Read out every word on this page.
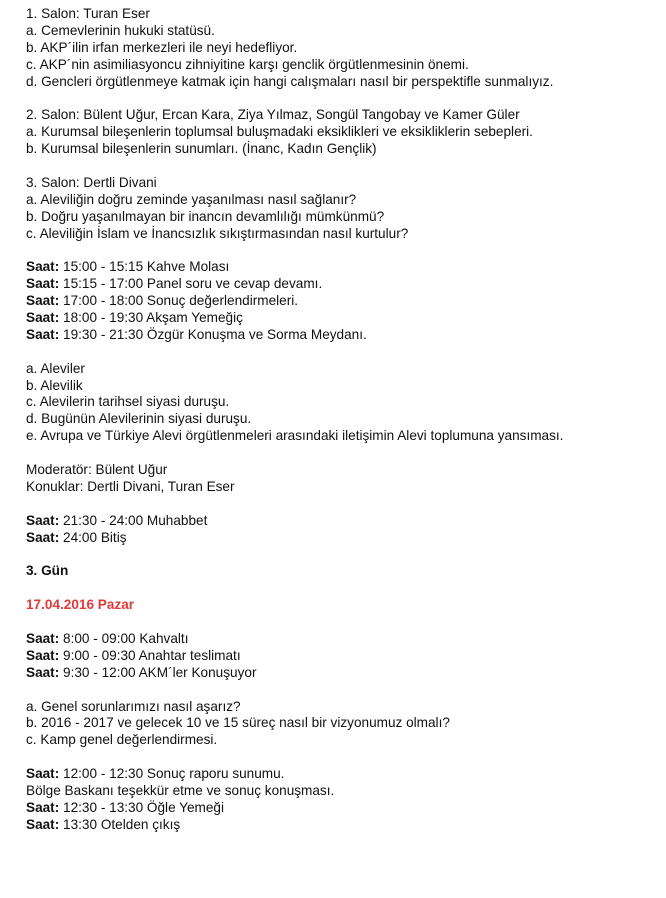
1. Salon: Turan Eser

a. Cemevlerinin hukuki statüsü.

b. AKP´ilin irfan merkezleri ile neyi hedefliyor.

c. AKP´nin asimiliasyoncu zihniyitine karşı genclik örgütlenmesinin önemi.

d. Gencleri örgütlenmeye katmak için hangi calışmaları nasıl bir perspektifle sunmalıyız.

2. Salon: Bülent Uğur, Ercan Kara, Ziya Yılmaz, Songül Tangobay ve Kamer Güler

a. Kurumsal bileşenlerin toplumsal buluşmadaki eksiklikleri ve eksikliklerin sebepleri.

b. Kurumsal bileşenlerin sunumları. (İnanc, Kadın Gençlik)

3. Salon: Dertli Divani

a. Aleviliğin doğru zeminde yaşanılması nasıl sağlanır?

b. Doğru yaşanılmayan bir inancın devamlılığı mümkünmü?

c. Aleviliğin İslam ve İnancsızlık sıkıştırmasından nasıl kurtulur?

Saat: 15:00 - 15:15 Kahve Molası

Saat: 15:15 - 17:00 Panel soru ve cevap devamı.

Saat: 17:00 - 18:00 Sonuç değerlendirmeleri.

Saat: 18:00 - 19:30 Akşam Yemeğiç

Saat: 19:30 - 21:30 Özgür Konuşma ve Sorma Meydanı.

a. Aleviler

b. Alevilik

c. Alevilerin tarihsel siyasi duruşu.

d. Bugünün Alevilerinin siyasi duruşu.

e. Avrupa ve Türkiye Alevi örgütlenmeleri arasındaki iletişimin Alevi toplumuna yansıması.

Moderatör: Bülent Uğur

Konuklar: Dertli Divani, Turan Eser

Saat: 21:30 - 24:00 Muhabbet

Saat: 24:00 Bitiş

3. Gün

17.04.2016 Pazar

Saat: 8:00 - 09:00 Kahvaltı

Saat: 9:00 - 09:30 Anahtar teslimatı

Saat: 9:30 - 12:00 AKM´ler Konuşuyor

a. Genel sorunlarımızı nasıl aşarız?

b. 2016 - 2017 ve gelecek 10 ve 15 süreç nasıl bir vizyonumuz olmalı?

c. Kamp genel değerlendirmesi.

Saat: 12:00 - 12:30 Sonuç raporu sunumu.

Bölge Baskanı teşekkür etme ve sonuç konuşması.

Saat: 12:30 - 13:30 Öğle Yemeği

Saat: 13:30 Otelden çıkış
